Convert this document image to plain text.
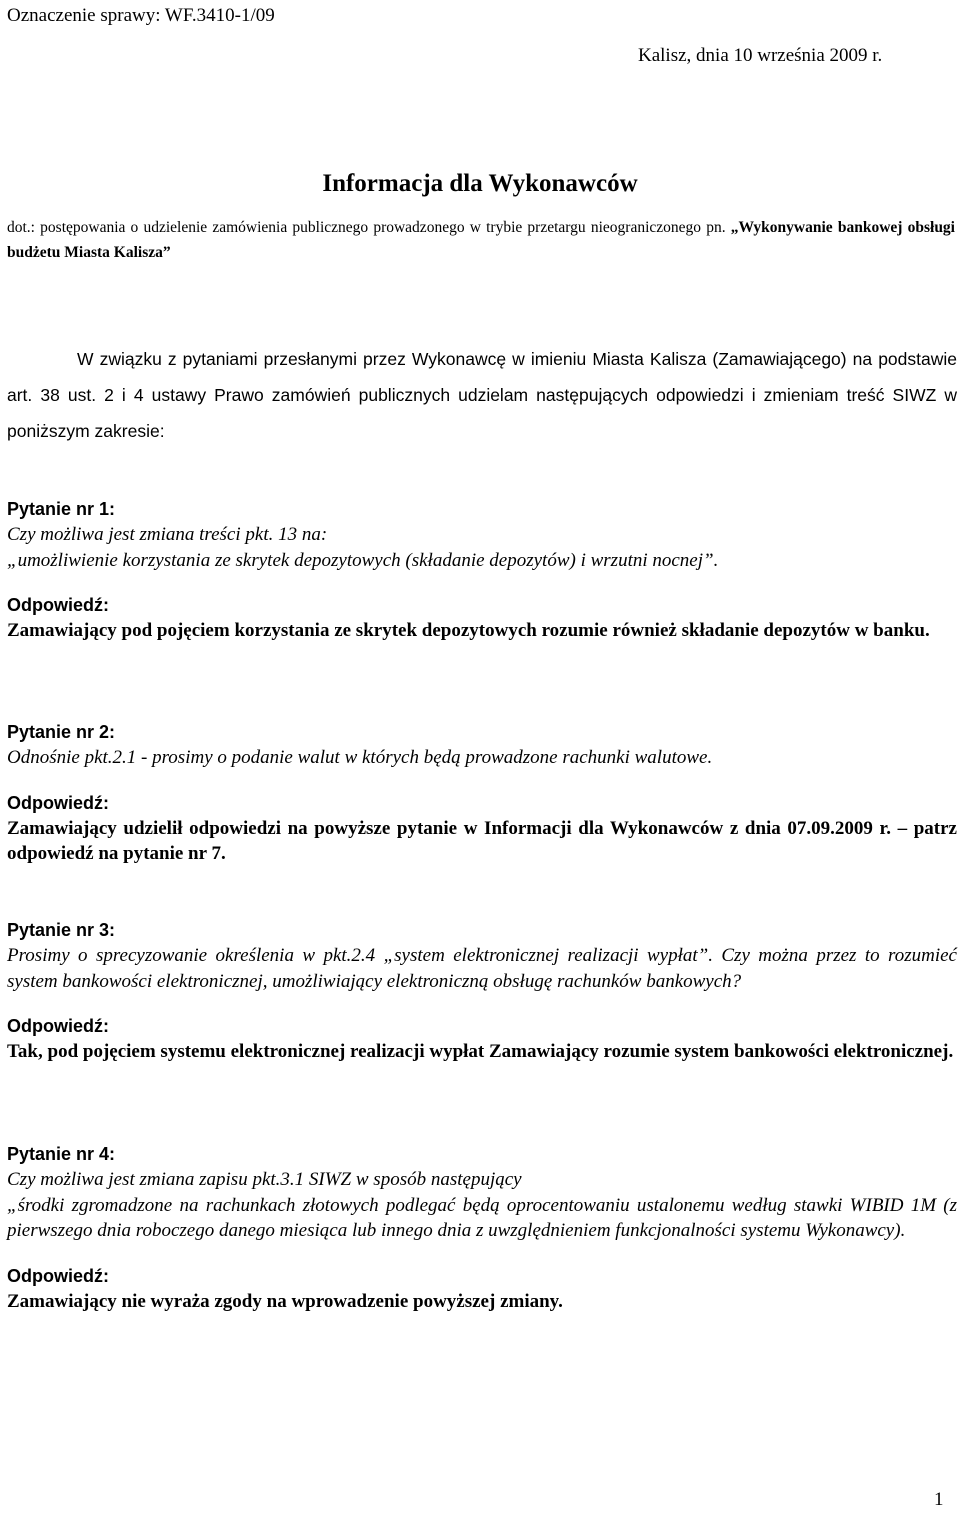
Oznaczenie sprawy: WF.3410-1/09
Kalisz, dnia 10 września 2009 r.
Informacja dla Wykonawców
dot.: postępowania o udzielenie zamówienia publicznego prowadzonego w trybie przetargu nieograniczonego pn. „Wykonywanie bankowej obsługi budżetu Miasta Kalisza”

W związku z pytaniami przesłanymi przez Wykonawcę w imieniu Miasta Kalisza (Zamawiającego) na podstawie art. 38 ust. 2 i 4 ustawy Prawo zamówień publicznych udzielam następujących odpowiedzi i zmieniam treść SIWZ w poniższym zakresie:

Pytanie nr 1:
Czy możliwa jest zmiana treści pkt. 13 na:
„umożliwienie korzystania ze skrytek depozytowych (składanie depozytów) i wrzutni nocnej”.
Odpowiedź:
Zamawiający pod pojęciem korzystania ze skrytek depozytowych rozumie również składanie depozytów w banku.
Pytanie nr 2:
Odnośnie pkt.2.1 - prosimy o podanie walut w których będą prowadzone rachunki walutowe.
Odpowiedź:
Zamawiający udzielił odpowiedzi na powyższe pytanie w Informacji dla Wykonawców z dnia 07.09.2009 r. – patrz odpowiedź na pytanie nr 7.
Pytanie nr 3:
Prosimy o sprecyzowanie określenia w pkt.2.4 „system elektronicznej realizacji wypłat”. Czy można przez to rozumieć system bankowości elektronicznej, umożliwiający elektroniczną obsługę rachunków bankowych?
Odpowiedź:
Tak, pod pojęciem systemu elektronicznej realizacji wypłat Zamawiający rozumie system bankowości elektronicznej.
Pytanie nr 4:
Czy możliwa jest zmiana zapisu pkt.3.1 SIWZ w sposób następujący
„środki zgromadzone na rachunkach złotowych podlegać będą oprocentowaniu ustalonemu według stawki WIBID 1M (z pierwszego dnia roboczego danego miesiąca lub innego dnia z uwzględnieniem funkcjonalności systemu Wykonawcy).
Odpowiedź:
Zamawiający nie wyraża zgody na wprowadzenie powyższej zmiany.
1
